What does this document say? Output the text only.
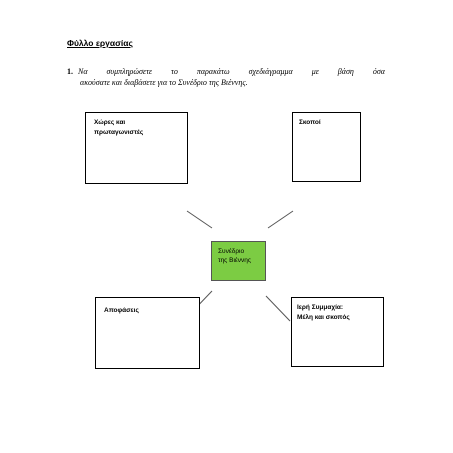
Φύλλο εργασίας
1. Να συμπληρώσετε το παρακάτω σχεδιάγραμμα με βάση όσα
ακούσατε και διαβάσετε για το Συνέδριο της Βιέννης.
Χώρες και
πρωταγωνιστές
Σκοποί
Συνέδριο
της Βιέννης
Αποφάσεις	Ιερή Συμμαχία:
Μέλη και σκοπός
